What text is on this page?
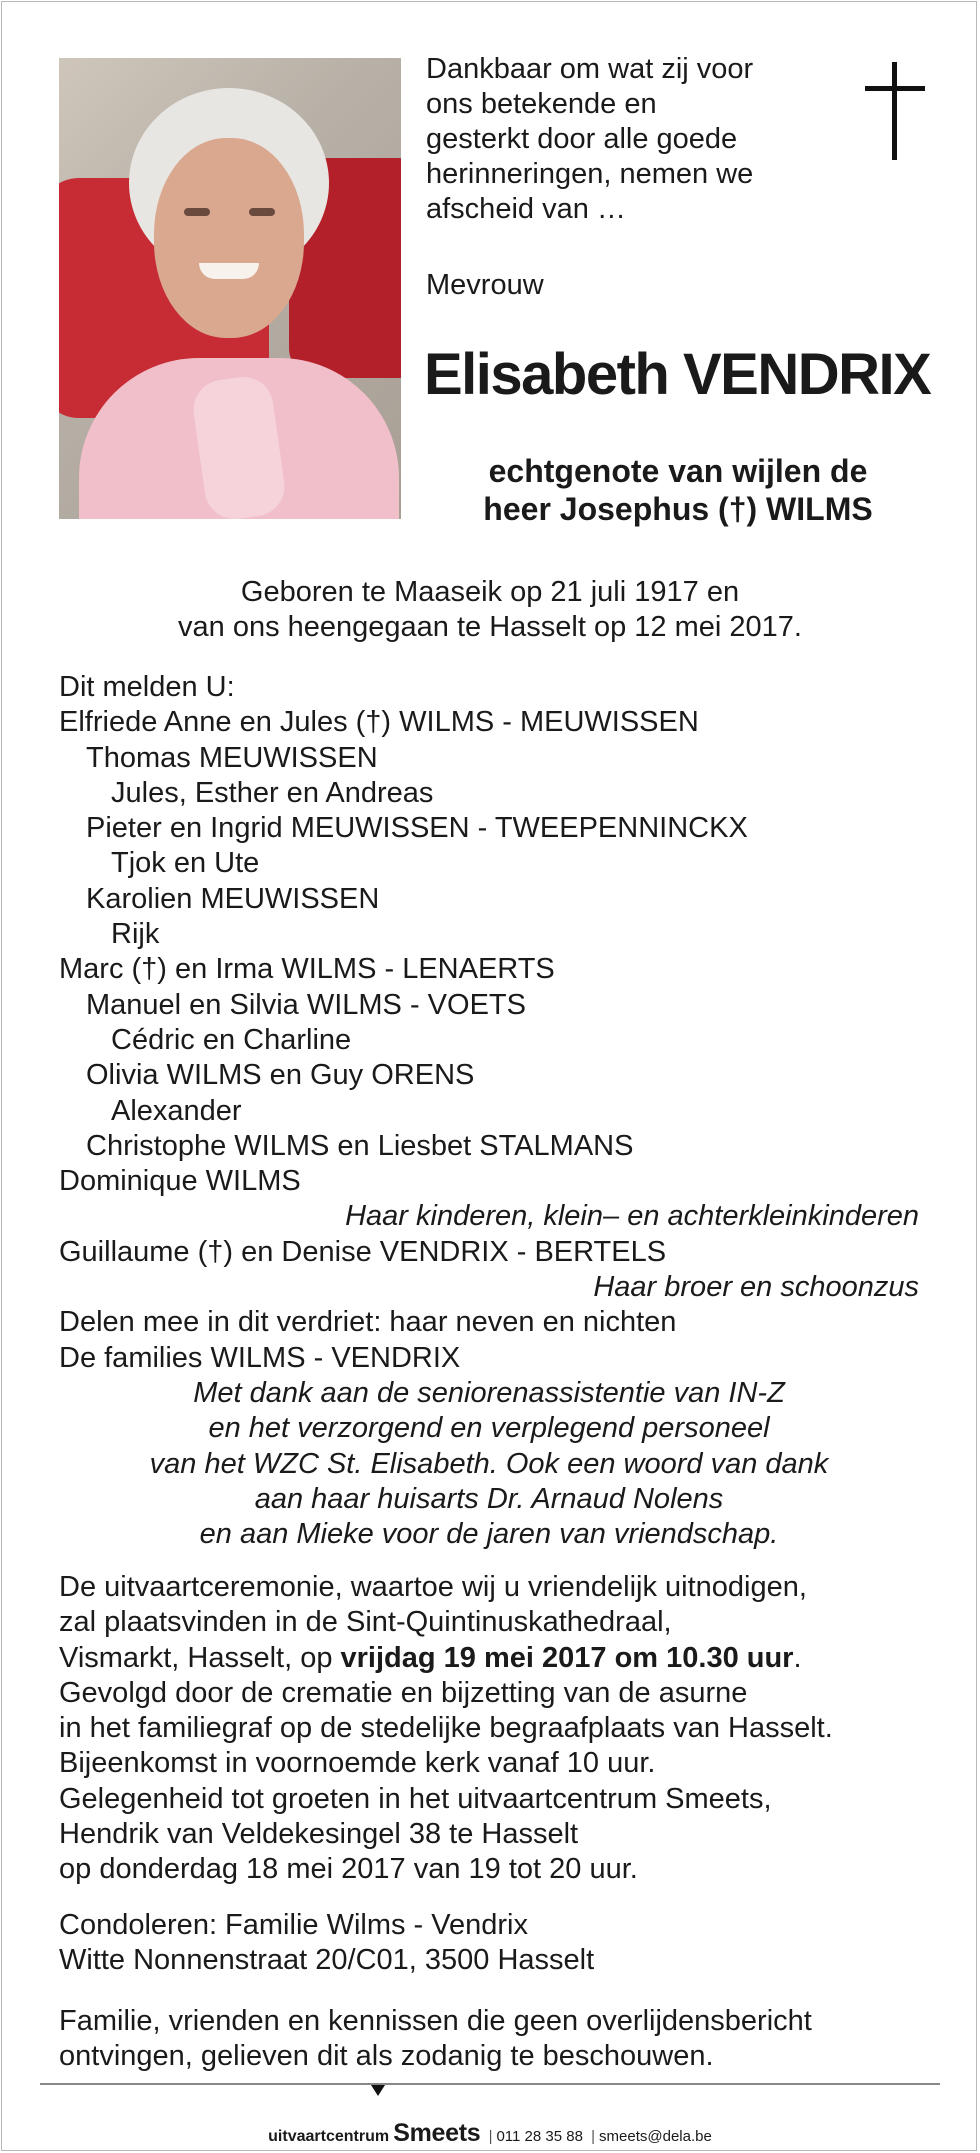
Dankbaar om wat zij voor
ons betekende en
gesterkt door alle goede
herinneringen, nemen we
afscheid van …
Mevrouw
Elisabeth VENDRIX
echtgenote van wijlen de
heer Josephus (†) WILMS
Geboren te Maaseik op 21 juli 1917 en
van ons heengegaan te Hasselt op 12 mei 2017.
Dit melden U:
Elfriede Anne en Jules (†) WILMS - MEUWISSEN
Thomas MEUWISSEN
Jules, Esther en Andreas
Pieter en Ingrid MEUWISSEN - TWEEPENNINCKX
Tjok en Ute
Karolien MEUWISSEN
Rijk
Marc (†) en Irma WILMS - LENAERTS
Manuel en Silvia WILMS - VOETS
Cédric en Charline
Olivia WILMS en Guy ORENS
Alexander
Christophe WILMS en Liesbet STALMANS
Dominique WILMS
Haar kinderen, klein– en achterkleinkinderen
Guillaume (†) en Denise VENDRIX - BERTELS
Haar broer en schoonzus
Delen mee in dit verdriet: haar neven en nichten
De families WILMS - VENDRIX
Met dank aan de seniorenassistentie van IN-Z
en het verzorgend en verplegend personeel
van het WZC St. Elisabeth. Ook een woord van dank
aan haar huisarts Dr. Arnaud Nolens
en aan Mieke voor de jaren van vriendschap.
De uitvaartceremonie, waartoe wij u vriendelijk uitnodigen,
zal plaatsvinden in de Sint-Quintinuskathedraal,
Vismarkt, Hasselt, op vrijdag 19 mei 2017 om 10.30 uur.
Gevolgd door de crematie en bijzetting van de asurne
in het familiegraf op de stedelijke begraafplaats van Hasselt.
Bijeenkomst in voornoemde kerk vanaf 10 uur.
Gelegenheid tot groeten in het uitvaartcentrum Smeets,
Hendrik van Veldekesingel 38 te Hasselt
op donderdag 18 mei 2017 van 19 tot 20 uur.
Condoleren: Familie Wilms - Vendrix
Witte Nonnenstraat 20/C01, 3500 Hasselt
Familie, vrienden en kennissen die geen overlijdensbericht
ontvingen, gelieven dit als zodanig te beschouwen.
uitvaartcentrum Smeets | 011 28 35 88 | smeets@dela.be
